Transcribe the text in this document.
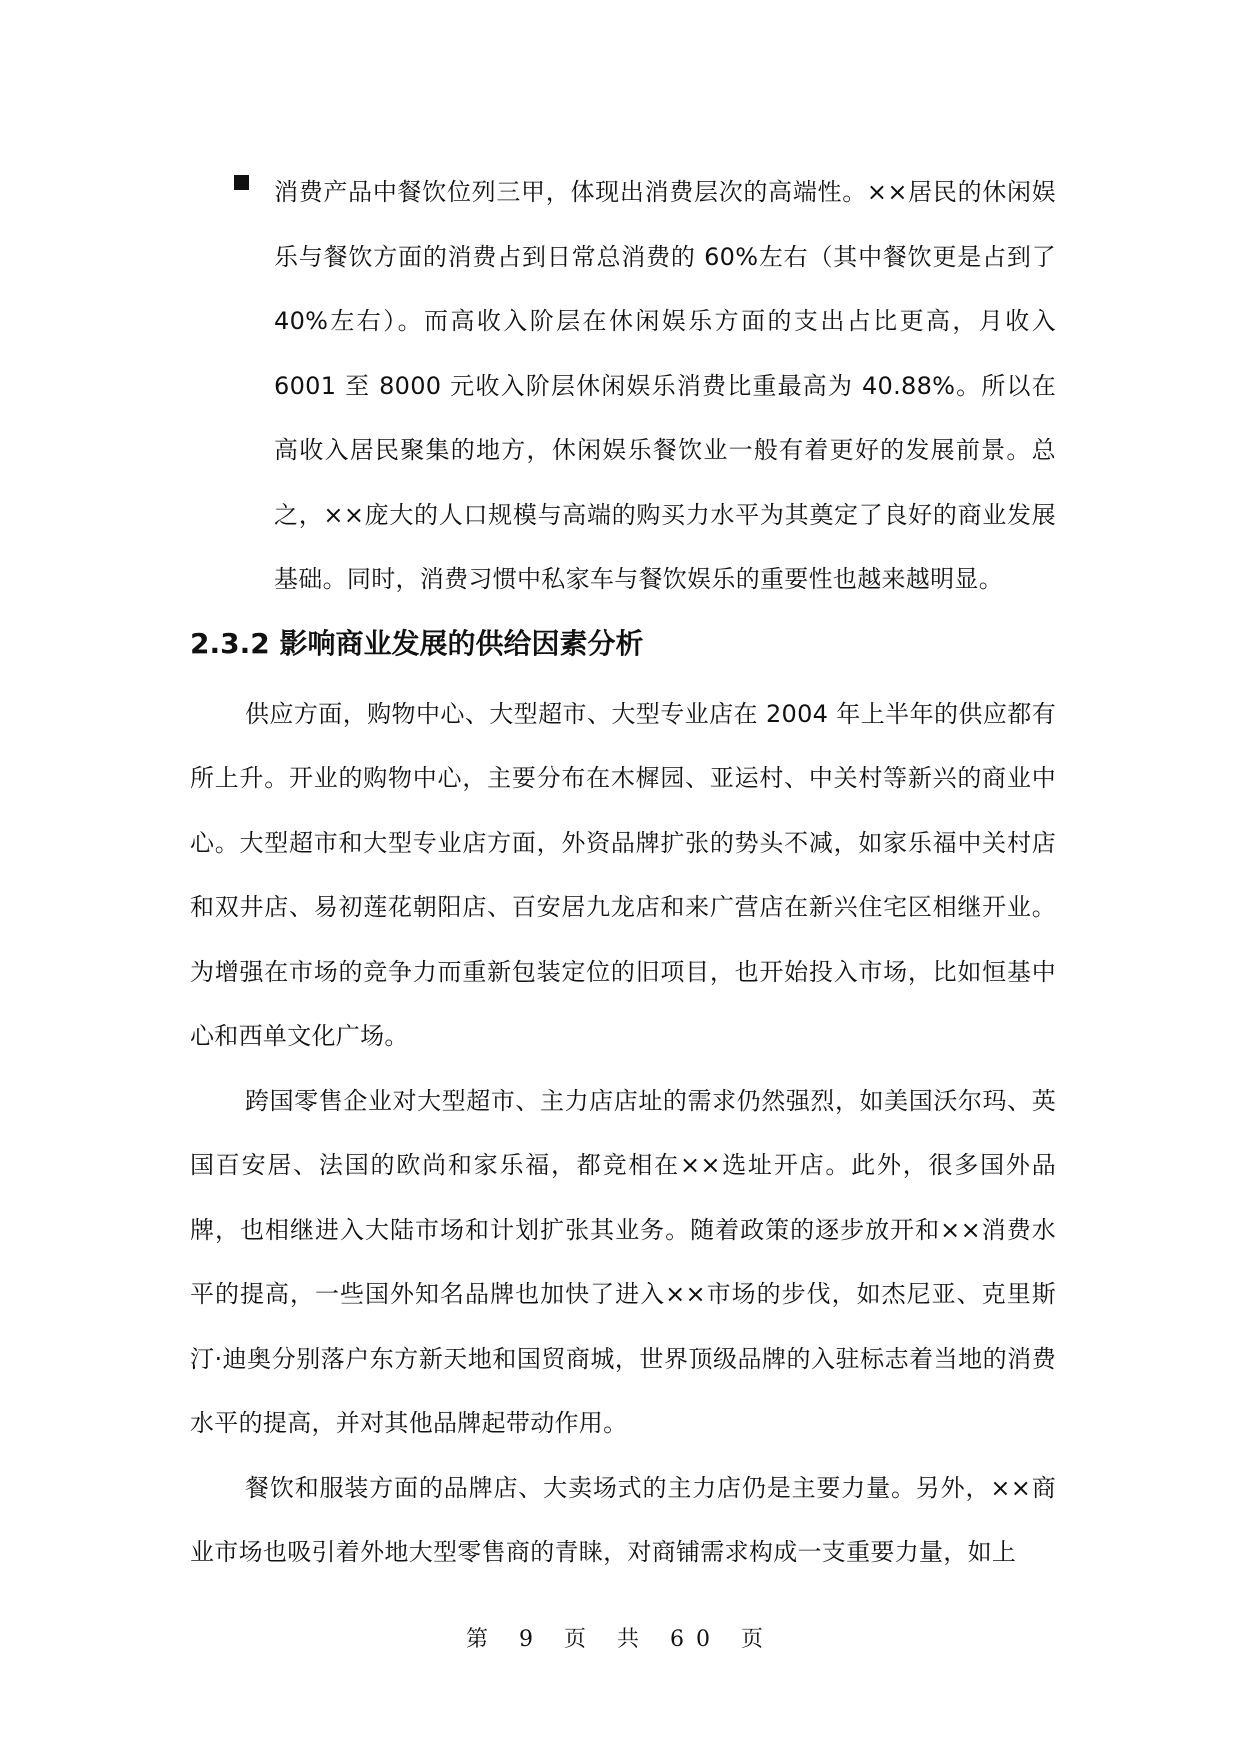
消费产品中餐饮位列三甲，体现出消费层次的高端性。××居民的休闲娱乐与餐饮方面的消费占到日常总消费的 60%左右（其中餐饮更是占到了 40%左右）。而高收入阶层在休闲娱乐方面的支出占比更高，月收入 6001 至 8000 元收入阶层休闲娱乐消费比重最高为 40.88%。所以在高收入居民聚集的地方，休闲娱乐餐饮业一般有着更好的发展前景。总之，××庞大的人口规模与高端的购买力水平为其奠定了良好的商业发展基础。同时，消费习惯中私家车与餐饮娱乐的重要性也越来越明显。
2.3.2 影响商业发展的供给因素分析

供应方面，购物中心、大型超市、大型专业店在 2004 年上半年的供应都有所上升。开业的购物中心，主要分布在木樨园、亚运村、中关村等新兴的商业中心。大型超市和大型专业店方面，外资品牌扩张的势头不减，如家乐福中关村店和双井店、易初莲花朝阳店、百安居九龙店和来广营店在新兴住宅区相继开业。为增强在市场的竞争力而重新包装定位的旧项目，也开始投入市场，比如恒基中心和西单文化广场。

跨国零售企业对大型超市、主力店店址的需求仍然强烈，如美国沃尔玛、英国百安居、法国的欧尚和家乐福，都竞相在××选址开店。此外，很多国外品牌，也相继进入大陆市场和计划扩张其业务。随着政策的逐步放开和××消费水平的提高，一些国外知名品牌也加快了进入××市场的步伐，如杰尼亚、克里斯汀·迪奥分别落户东方新天地和国贸商城，世界顶级品牌的入驻标志着当地的消费水平的提高，并对其他品牌起带动作用。

餐饮和服装方面的品牌店、大卖场式的主力店仍是主要力量。另外，××商业市场也吸引着外地大型零售商的青睐，对商铺需求构成一支重要力量，如上

第 9 页 共 60 页
